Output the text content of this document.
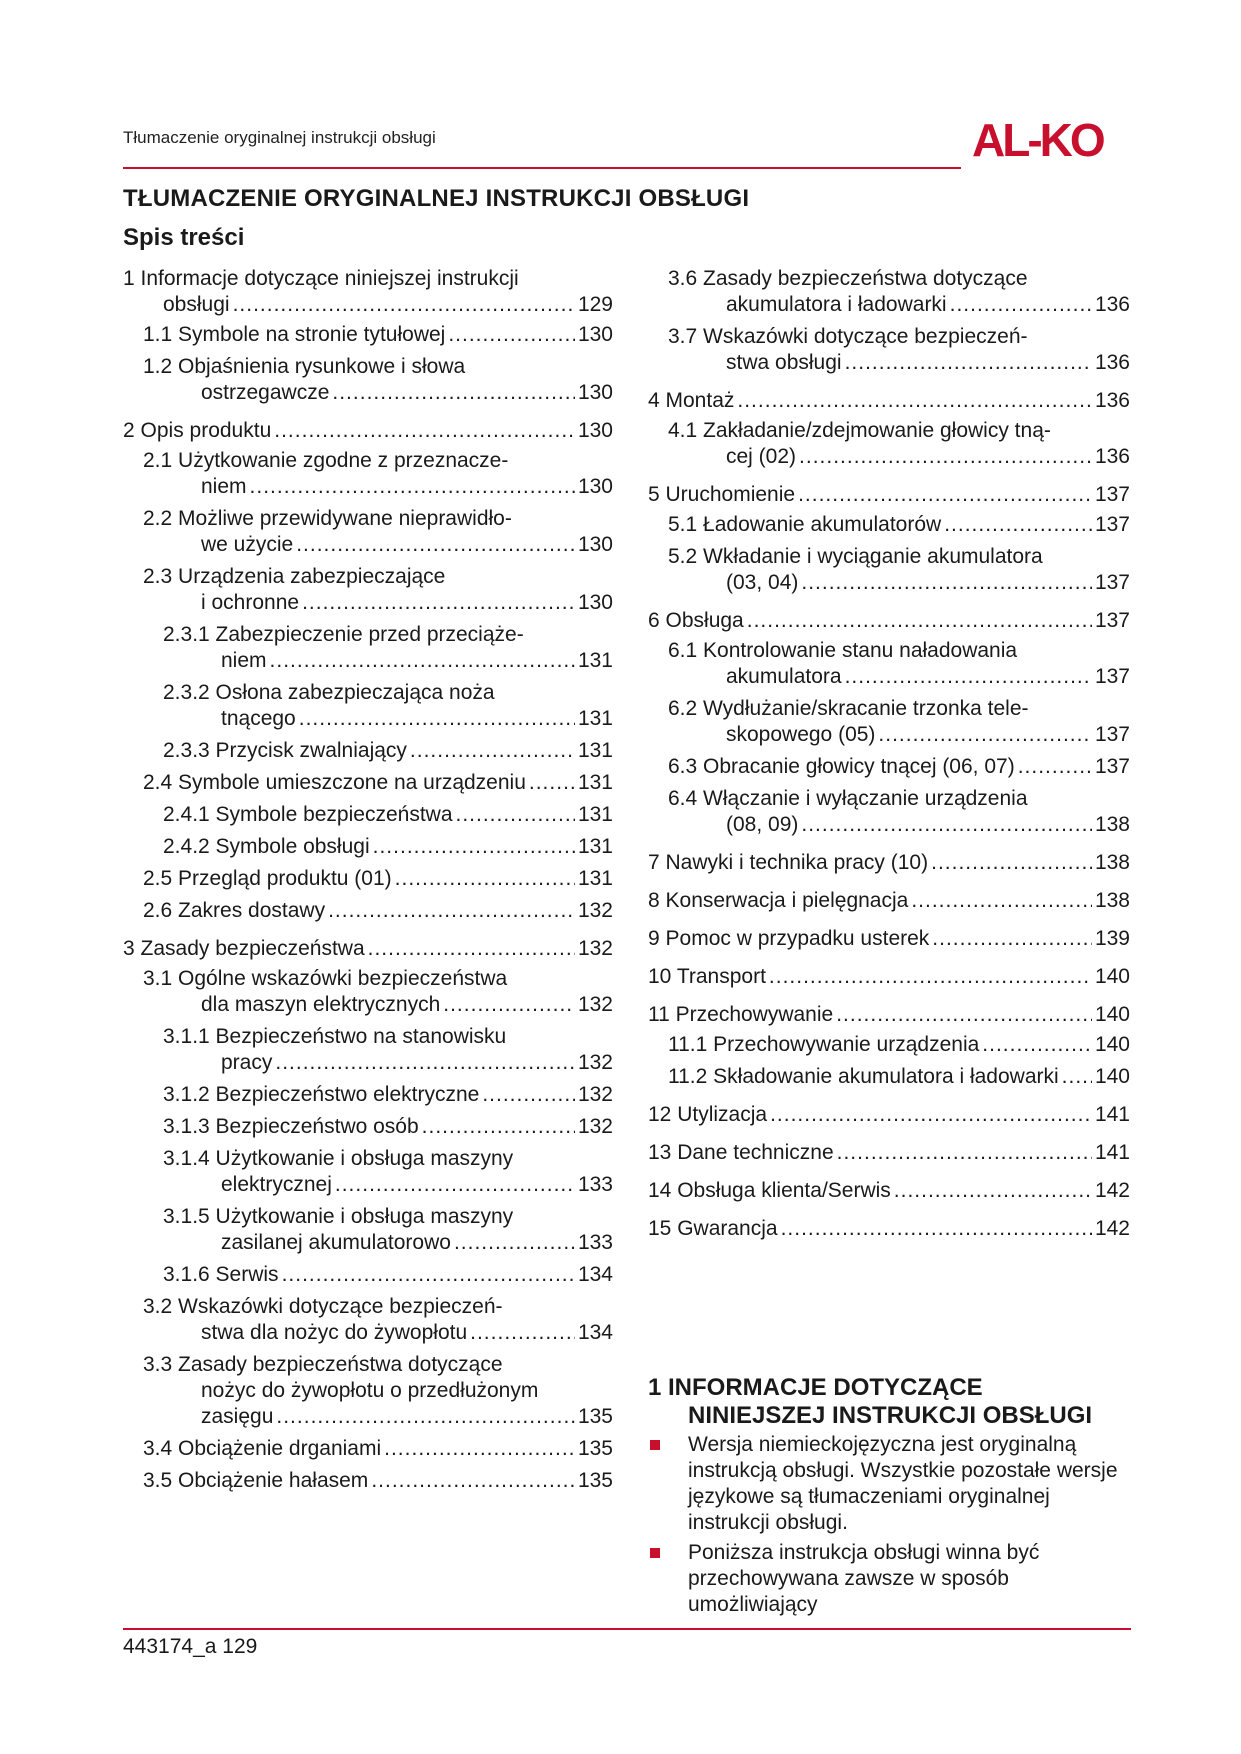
Tłumaczenie oryginalnej instrukcji obsługi	AL-KO
TŁUMACZENIE ORYGINALNEJ INSTRUKCJI OBSŁUGI
Spis treści
1 Informacje dotyczące niniejszej instrukcji
obsługi .....	129
1.1 Symbole na stronie tytułowej .....	130
1.2 Objaśnienia rysunkowe i słowa
ostrzegawcze .....	130
2 Opis produktu .....	130
2.1 Użytkowanie zgodne z przeznacze-
niem .....	130
2.2 Możliwe przewidywane nieprawidło-
we użycie .....	130
2.3 Urządzenia zabezpieczające
i ochronne .....	130
2.3.1 Zabezpieczenie przed przeciąże-
niem .....	131
2.3.2 Osłona zabezpieczająca noża
tnącego .....	131
2.3.3 Przycisk zwalniający .....	131
2.4 Symbole umieszczone na urządzeniu ..... 131
2.4.1 Symbole bezpieczeństwa .....	131
2.4.2 Symbole obsługi .....	131
2.5 Przegląd produktu (01) .....	131
2.6 Zakres dostawy .....	132
3 Zasady bezpieczeństwa .....	132
3.1 Ogólne wskazówki bezpieczeństwa
dla maszyn elektrycznych .....	132
3.1.1 Bezpieczeństwo na stanowisku
pracy .....	132
3.1.2 Bezpieczeństwo elektryczne .....	132
3.1.3 Bezpieczeństwo osób .....	132
3.1.4 Użytkowanie i obsługa maszyny
elektrycznej .....	133
3.1.5 Użytkowanie i obsługa maszyny
zasilanej akumulatorowo .....	133
3.1.6 Serwis .....	134
3.2 Wskazówki dotyczące bezpieczeń-
stwa dla nożyc do żywopłotu .....	134
3.3 Zasady bezpieczeństwa dotyczące
nożyc do żywopłotu o przedłużonym
zasięgu .....	135
3.4 Obciążenie drganiami .....	135
3.5 Obciążenie hałasem .....	135
3.6 Zasady bezpieczeństwa dotyczące
akumulatora i ładowarki .....	136
3.7 Wskazówki dotyczące bezpieczeń-
stwa obsługi .....	136
4 Montaż .....	136
4.1 Zakładanie/zdejmowanie głowicy tną-
cej (02) .....	136
5 Uruchomienie .....	137
5.1 Ładowanie akumulatorów .....	137
5.2 Wkładanie i wyciąganie akumulatora
(03, 04) .....	137
6 Obsługa .....	137
6.1 Kontrolowanie stanu naładowania
akumulatora .....	137
6.2 Wydłużanie/skracanie trzonka tele-
skopowego (05) .....	137
6.3 Obracanie głowicy tnącej (06, 07) .....	137
6.4 Włączanie i wyłączanie urządzenia
(08, 09) .....	138
7 Nawyki i technika pracy (10) .....	138
8 Konserwacja i pielęgnacja .....	138
9 Pomoc w przypadku usterek .....	139
10 Transport .....	140
11 Przechowywanie .....	140
11.1 Przechowywanie urządzenia .....	140
11.2 Składowanie akumulatora i ładowarki ..... 140
12 Utylizacja .....	141
13 Dane techniczne .....	141
14 Obsługa klienta/Serwis .....	142
15 Gwarancja .....	142
1 INFORMACJE DOTYCZĄCE
NINIEJSZEJ INSTRUKCJI OBSŁUGI
Wersja niemieckojęzyczna jest oryginalną instrukcją obsługi. Wszystkie pozostałe wersje językowe są tłumaczeniami oryginalnej instrukcji obsługi.
Poniższa instrukcja obsługi winna być przechowywana zawsze w sposób umożliwiający
443174_a 129
